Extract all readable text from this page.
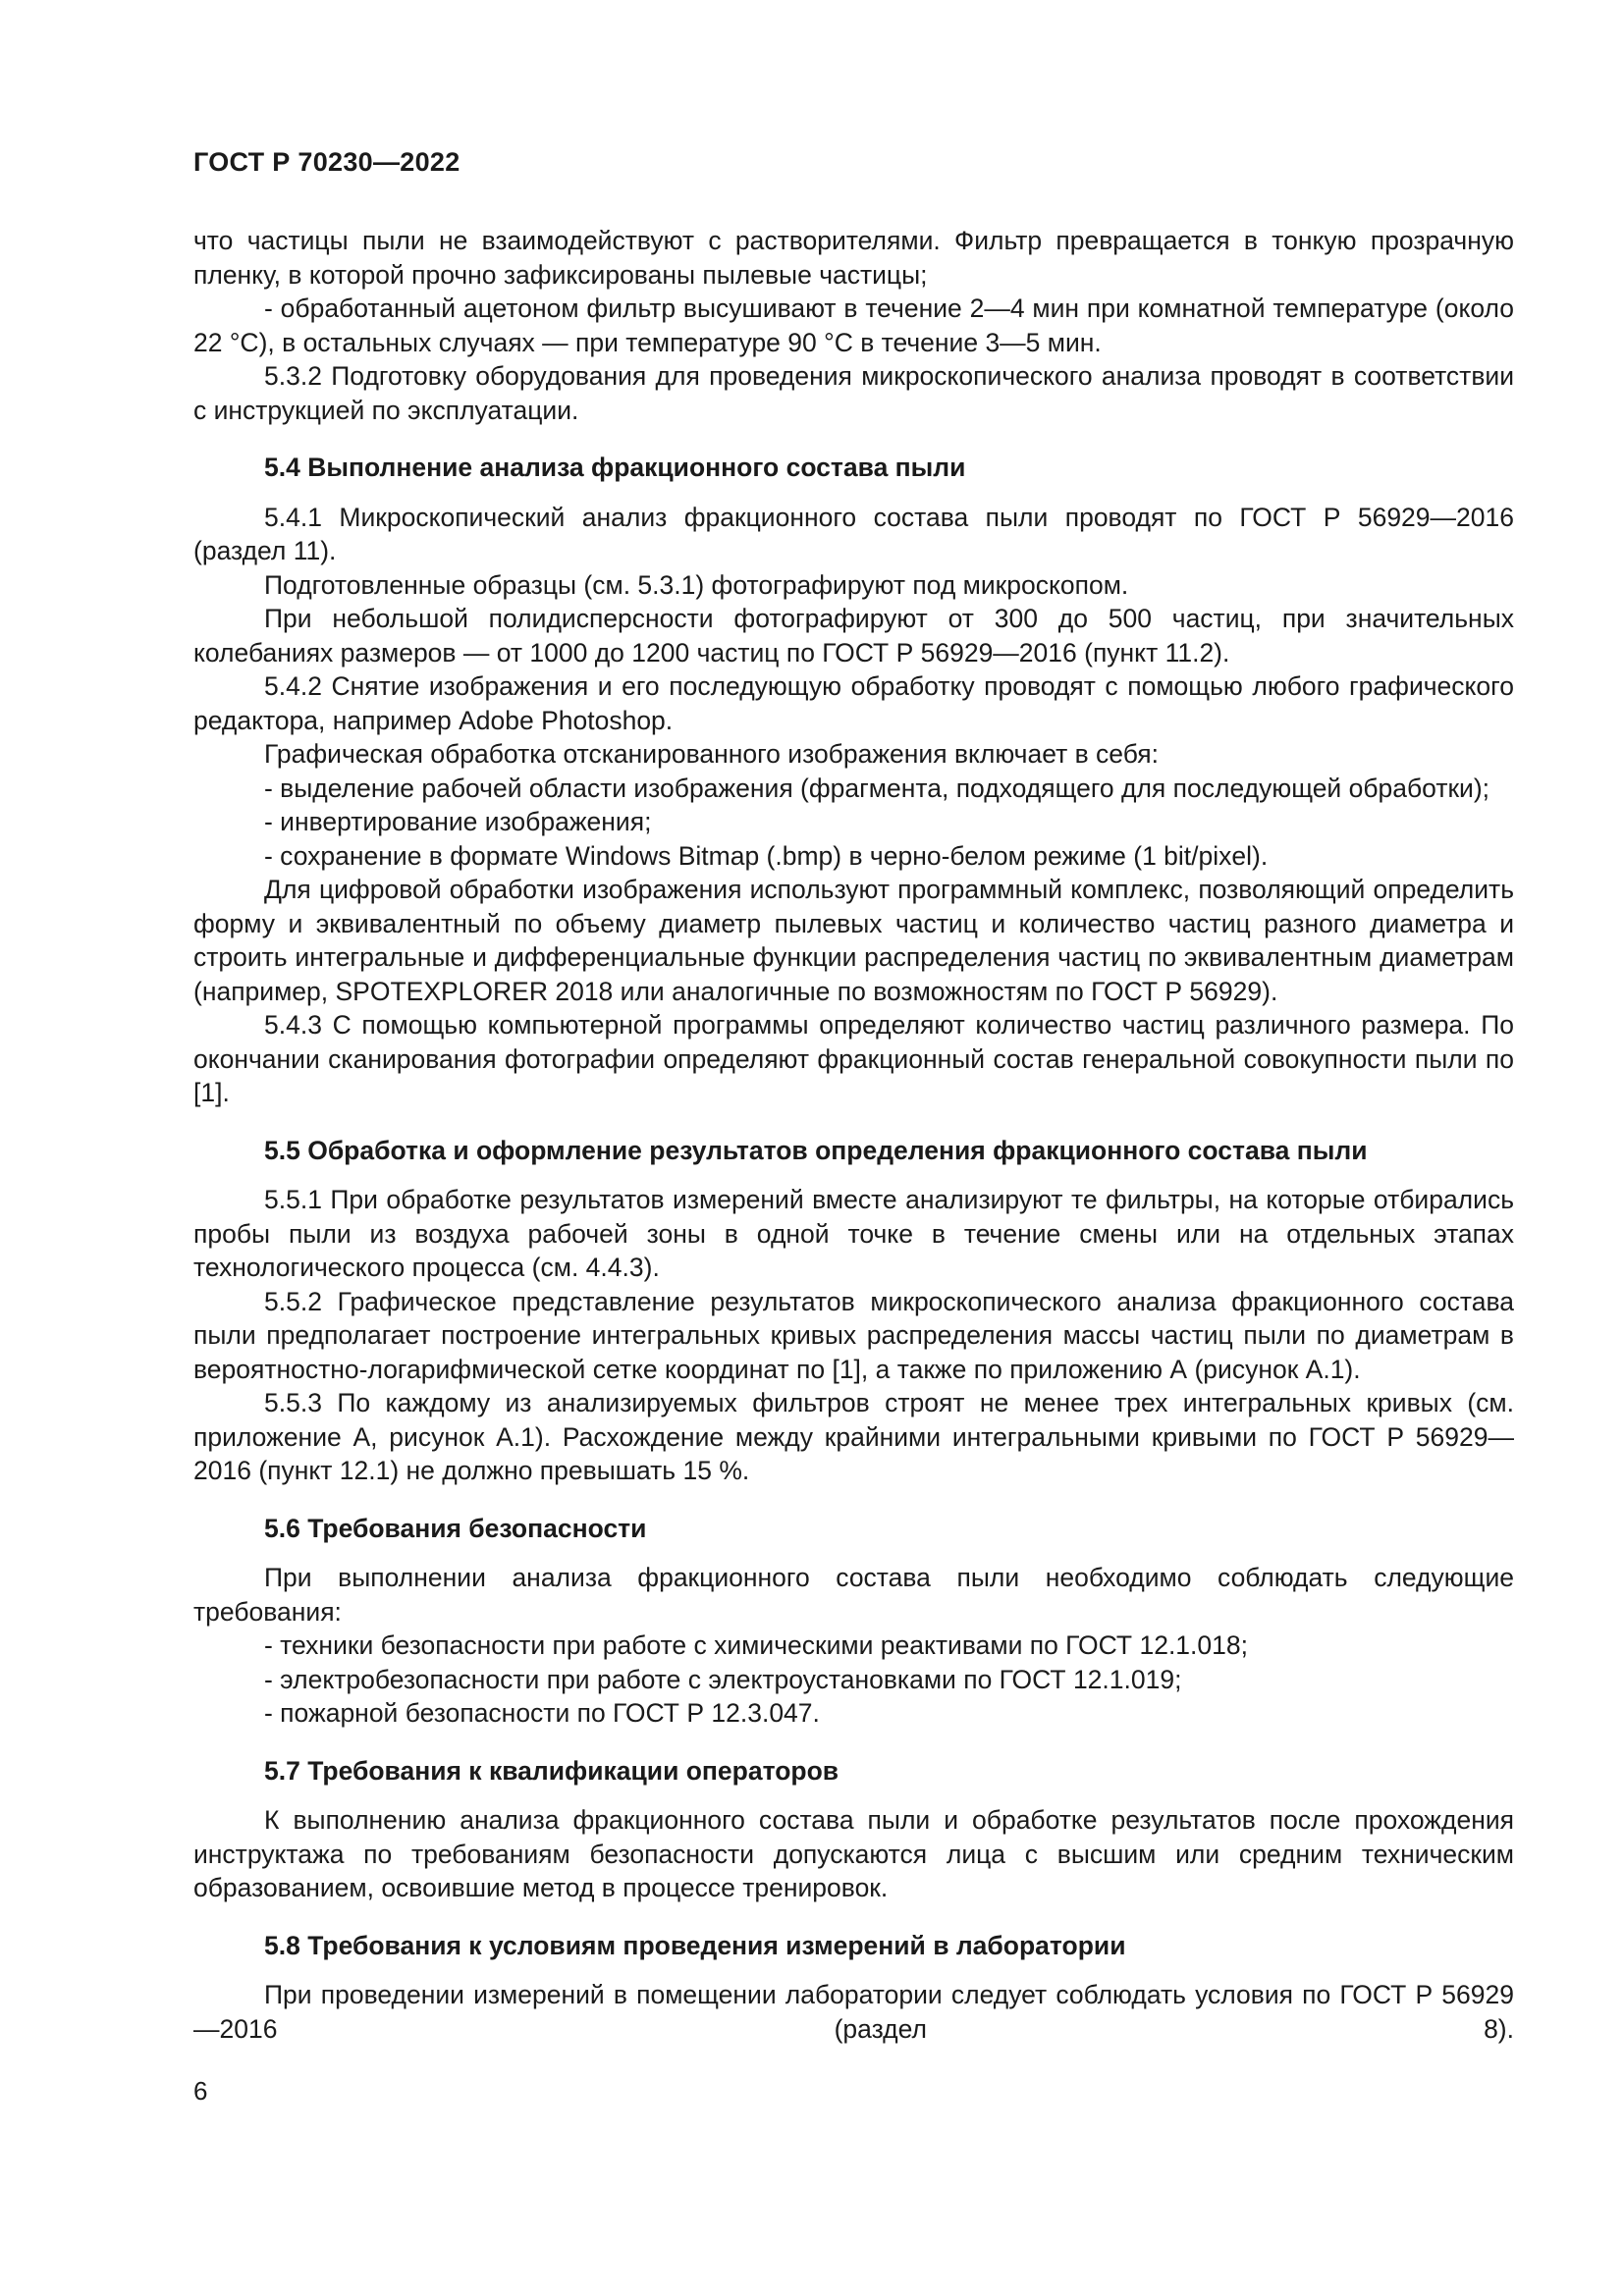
ГОСТ Р 70230—2022

что частицы пыли не взаимодействуют с растворителями. Фильтр превращается в тонкую прозрачную пленку, в которой прочно зафиксированы пылевые частицы;

- обработанный ацетоном фильтр высушивают в течение 2—4 мин при комнатной температуре (около 22 °С), в остальных случаях — при температуре 90 °С в течение 3—5 мин.

5.3.2 Подготовку оборудования для проведения микроскопического анализа проводят в соответствии с инструкцией по эксплуатации.

5.4 Выполнение анализа фракционного состава пыли

5.4.1 Микроскопический анализ фракционного состава пыли проводят по ГОСТ Р 56929—2016 (раздел 11).

Подготовленные образцы (см. 5.3.1) фотографируют под микроскопом.

При небольшой полидисперсности фотографируют от 300 до 500 частиц, при значительных колебаниях размеров — от 1000 до 1200 частиц по ГОСТ Р 56929—2016 (пункт 11.2).

5.4.2 Снятие изображения и его последующую обработку проводят с помощью любого графического редактора, например Adobe Photoshop.

Графическая обработка отсканированного изображения включает в себя:

- выделение рабочей области изображения (фрагмента, подходящего для последующей обработки);

- инвертирование изображения;

- сохранение в формате Windows Bitmap (.bmp) в черно-белом режиме (1 bit/pixel).

Для цифровой обработки изображения используют программный комплекс, позволяющий определить форму и эквивалентный по объему диаметр пылевых частиц и количество частиц разного диаметра и строить интегральные и дифференциальные функции распределения частиц по эквивалентным диаметрам (например, SPOTEXPLORER 2018 или аналогичные по возможностям по ГОСТ Р 56929).

5.4.3 С помощью компьютерной программы определяют количество частиц различного размера. По окончании сканирования фотографии определяют фракционный состав генеральной совокупности пыли по [1].

5.5 Обработка и оформление результатов определения фракционного состава пыли

5.5.1 При обработке результатов измерений вместе анализируют те фильтры, на которые отбирались пробы пыли из воздуха рабочей зоны в одной точке в течение смены или на отдельных этапах технологического процесса (см. 4.4.3).

5.5.2 Графическое представление результатов микроскопического анализа фракционного состава пыли предполагает построение интегральных кривых распределения массы частиц пыли по диаметрам в вероятностно-логарифмической сетке координат по [1], а также по приложению А (рисунок А.1).

5.5.3 По каждому из анализируемых фильтров строят не менее трех интегральных кривых (см. приложение А, рисунок А.1). Расхождение между крайними интегральными кривыми по ГОСТ Р 56929—2016 (пункт 12.1) не должно превышать 15 %.

5.6 Требования безопасности

При выполнении анализа фракционного состава пыли необходимо соблюдать следующие требования:

- техники безопасности при работе с химическими реактивами по ГОСТ 12.1.018;

- электробезопасности при работе с электроустановками по ГОСТ 12.1.019;

- пожарной безопасности по ГОСТ Р 12.3.047.

5.7 Требования к квалификации операторов

К выполнению анализа фракционного состава пыли и обработке результатов после прохождения инструктажа по требованиям безопасности допускаются лица с высшим или средним техническим образованием, освоившие метод в процессе тренировок.

5.8 Требования к условиям проведения измерений в лаборатории

При проведении измерений в помещении лаборатории следует соблюдать условия по ГОСТ Р 56929—2016 (раздел 8).

6
